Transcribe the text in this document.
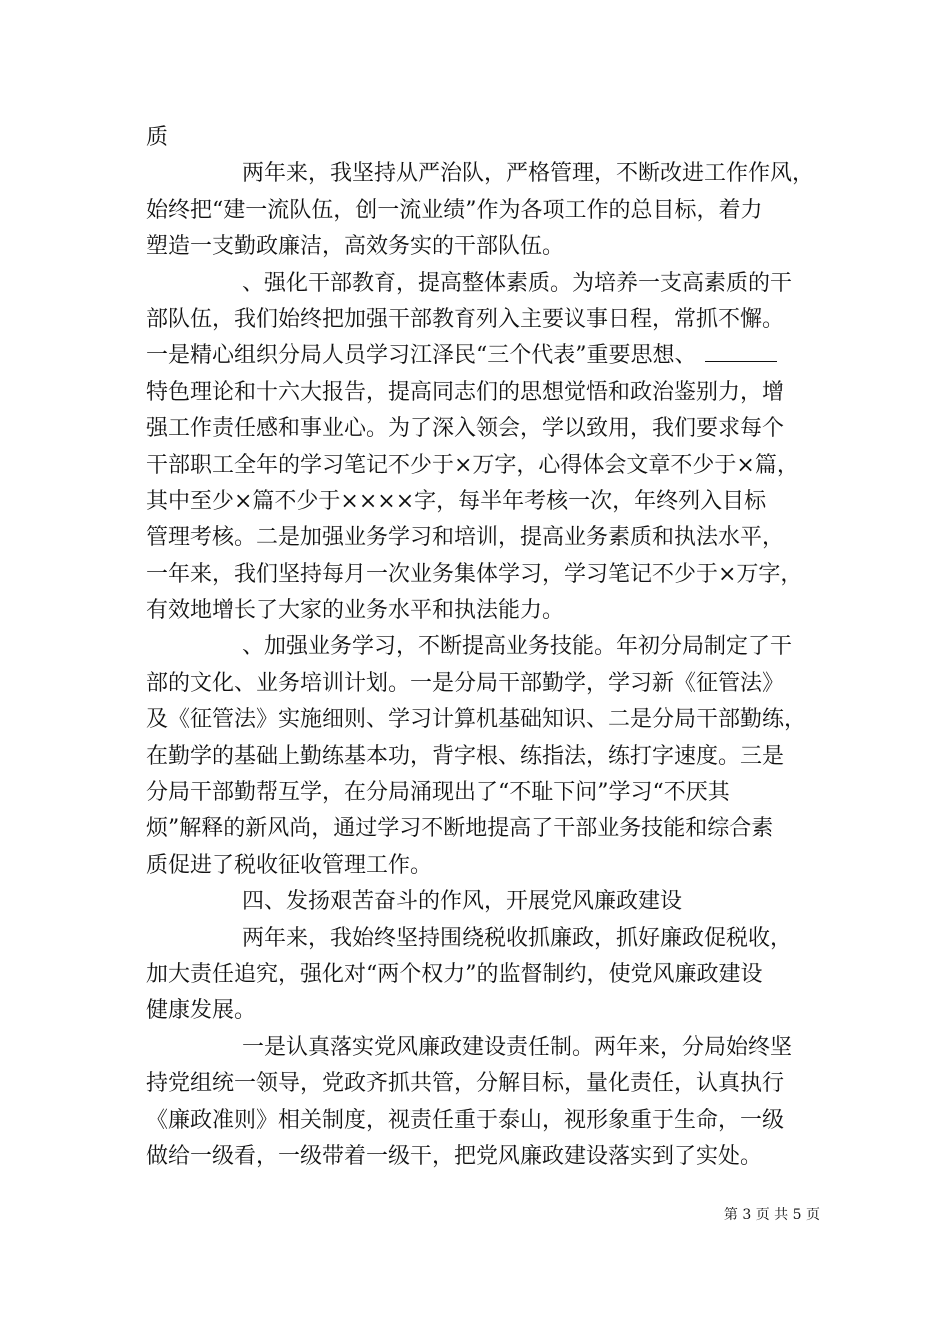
质
两年来，我坚持从严治队，严格管理，不断改进工作作风，
始终把“建一流队伍，创一流业绩”作为各项工作的总目标，着力
塑造一支勤政廉洁，高效务实的干部队伍。
、强化干部教育，提高整体素质。为培养一支高素质的干
部队伍，我们始终把加强干部教育列入主要议事日程，常抓不懈。
一是精心组织分局人员学习江泽民“三个代表”重要思想、
特色理论和十六大报告，提高同志们的思想觉悟和政治鉴别力，增
强工作责任感和事业心。为了深入领会，学以致用，我们要求每个
干部职工全年的学习笔记不少于×万字，心得体会文章不少于×篇，
其中至少×篇不少于××××字，每半年考核一次，年终列入目标
管理考核。二是加强业务学习和培训，提高业务素质和执法水平，
一年来，我们坚持每月一次业务集体学习，学习笔记不少于×万字，
有效地增长了大家的业务水平和执法能力。
、加强业务学习，不断提高业务技能。年初分局制定了干
部的文化、业务培训计划。一是分局干部勤学，学习新《征管法》
及《征管法》实施细则、学习计算机基础知识、二是分局干部勤练，
在勤学的基础上勤练基本功，背字根、练指法，练打字速度。三是
分局干部勤帮互学，在分局涌现出了“不耻下问”学习“不厌其
烦”解释的新风尚，通过学习不断地提高了干部业务技能和综合素
质促进了税收征收管理工作。
四、发扬艰苦奋斗的作风，开展党风廉政建设
两年来，我始终坚持围绕税收抓廉政，抓好廉政促税收，
加大责任追究，强化对“两个权力”的监督制约，使党风廉政建设
健康发展。
一是认真落实党风廉政建设责任制。两年来，分局始终坚
持党组统一领导，党政齐抓共管，分解目标，量化责任，认真执行
《廉政准则》相关制度，视责任重于泰山，视形象重于生命，一级
做给一级看，一级带着一级干，把党风廉政建设落实到了实处。
第 3 页 共 5 页
